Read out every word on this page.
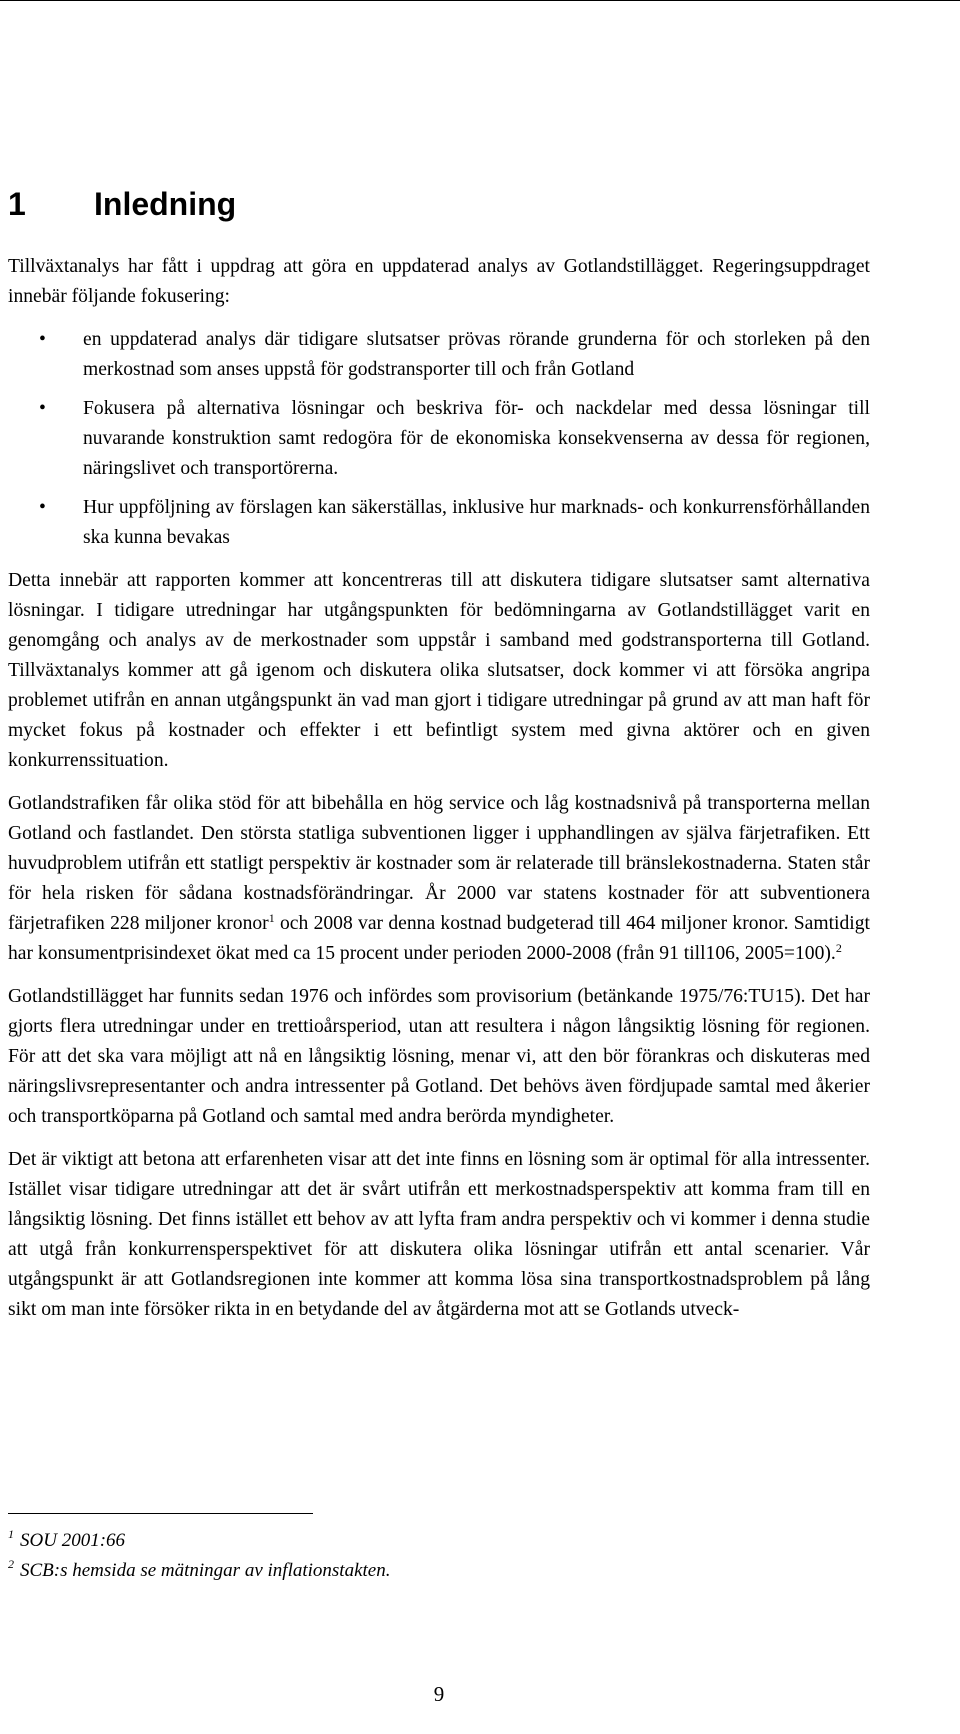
1 Inledning

Tillväxtanalys har fått i uppdrag att göra en uppdaterad analys av Gotlandstillägget. Regeringsuppdraget innebär följande fokusering:

• en uppdaterad analys där tidigare slutsatser prövas rörande grunderna för och storleken på den merkostnad som anses uppstå för godstransporter till och från Gotland
• Fokusera på alternativa lösningar och beskriva för- och nackdelar med dessa lösningar till nuvarande konstruktion samt redogöra för de ekonomiska konsekvenserna av dessa för regionen, näringslivet och transportörerna.
• Hur uppföljning av förslagen kan säkerställas, inklusive hur marknads- och konkurrensförhållanden ska kunna bevakas

Detta innebär att rapporten kommer att koncentreras till att diskutera tidigare slutsatser samt alternativa lösningar. I tidigare utredningar har utgångspunkten för bedömningarna av Gotlandstillägget varit en genomgång och analys av de merkostnader som uppstår i samband med godstransporterna till Gotland. Tillväxtanalys kommer att gå igenom och diskutera olika slutsatser, dock kommer vi att försöka angripa problemet utifrån en annan utgångspunkt än vad man gjort i tidigare utredningar på grund av att man haft för mycket fokus på kostnader och effekter i ett befintligt system med givna aktörer och en given konkurrenssituation.

Gotlandstrafiken får olika stöd för att bibehålla en hög service och låg kostnadsnivå på transporterna mellan Gotland och fastlandet. Den största statliga subventionen ligger i upphandlingen av själva färjetrafiken. Ett huvudproblem utifrån ett statligt perspektiv är kostnader som är relaterade till bränslekostnaderna. Staten står för hela risken för sådana kostnadsförändringar. År 2000 var statens kostnader för att subventionera färjetrafiken 228 miljoner kronor$^1$ och 2008 var denna kostnad budgeterad till 464 miljoner kronor. Samtidigt har konsumentprisindexet ökat med ca 15 procent under perioden 2000-2008 (från 91 till106, 2005=100).$^2$

Gotlandstillägget har funnits sedan 1976 och infördes som provisorium (betänkande 1975/76:TU15). Det har gjorts flera utredningar under en trettioårsperiod, utan att resultera i någon långsiktig lösning för regionen. För att det ska vara möjligt att nå en långsiktig lösning, menar vi, att den bör förankras och diskuteras med näringslivsrepresentanter och andra intressenter på Gotland. Det behövs även fördjupade samtal med åkerier och transportköparna på Gotland och samtal med andra berörda myndigheter.

Det är viktigt att betona att erfarenheten visar att det inte finns en lösning som är optimal för alla intressenter. Istället visar tidigare utredningar att det är svårt utifrån ett merkostnadsperspektiv att komma fram till en långsiktig lösning. Det finns istället ett behov av att lyfta fram andra perspektiv och vi kommer i denna studie att utgå från konkurrensperspektivet för att diskutera olika lösningar utifrån ett antal scenarier. Vår utgångspunkt är att Gotlandsregionen inte kommer att komma lösa sina transportkostnadsproblem på lång sikt om man inte försöker rikta in en betydande del av åtgärderna mot att se Gotlands utveck-

$^1$ SOU 2001:66
$^2$ SCB:s hemsida se mätningar av inflationstakten.
9
